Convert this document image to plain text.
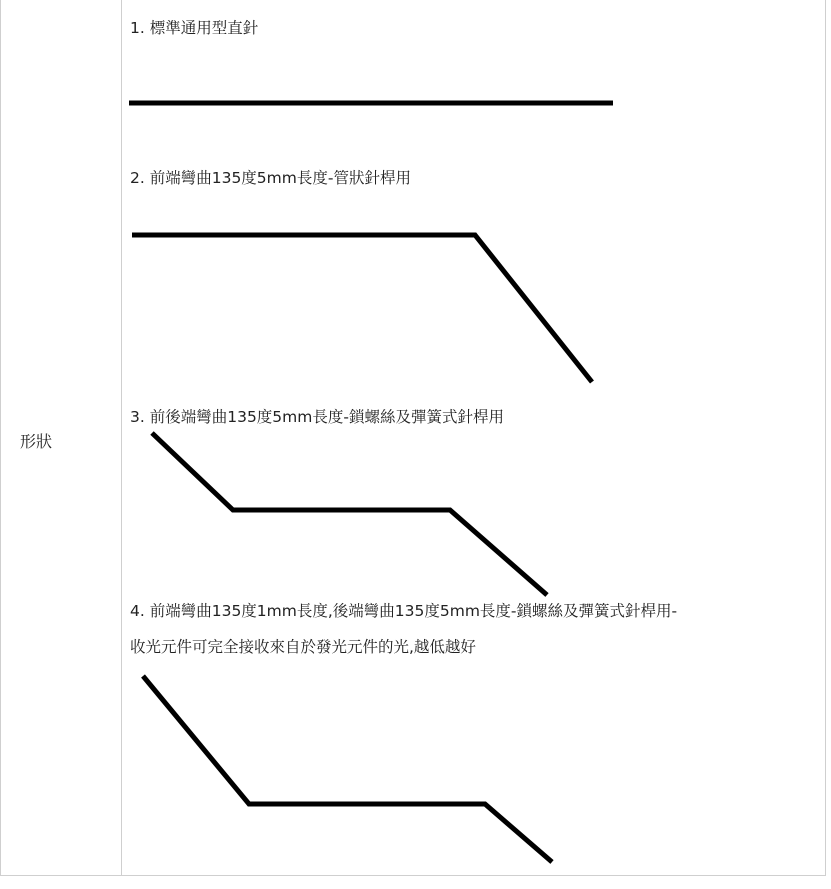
形狀
1. 標準通用型直針
2. 前端彎曲135度5mm長度-管狀針桿用
3. 前後端彎曲135度5mm長度-鎖螺絲及彈簧式針桿用
4. 前端彎曲135度1mm長度,後端彎曲135度5mm長度-鎖螺絲及彈簧式針桿用-
收光元件可完全接收來自於發光元件的光,越低越好
